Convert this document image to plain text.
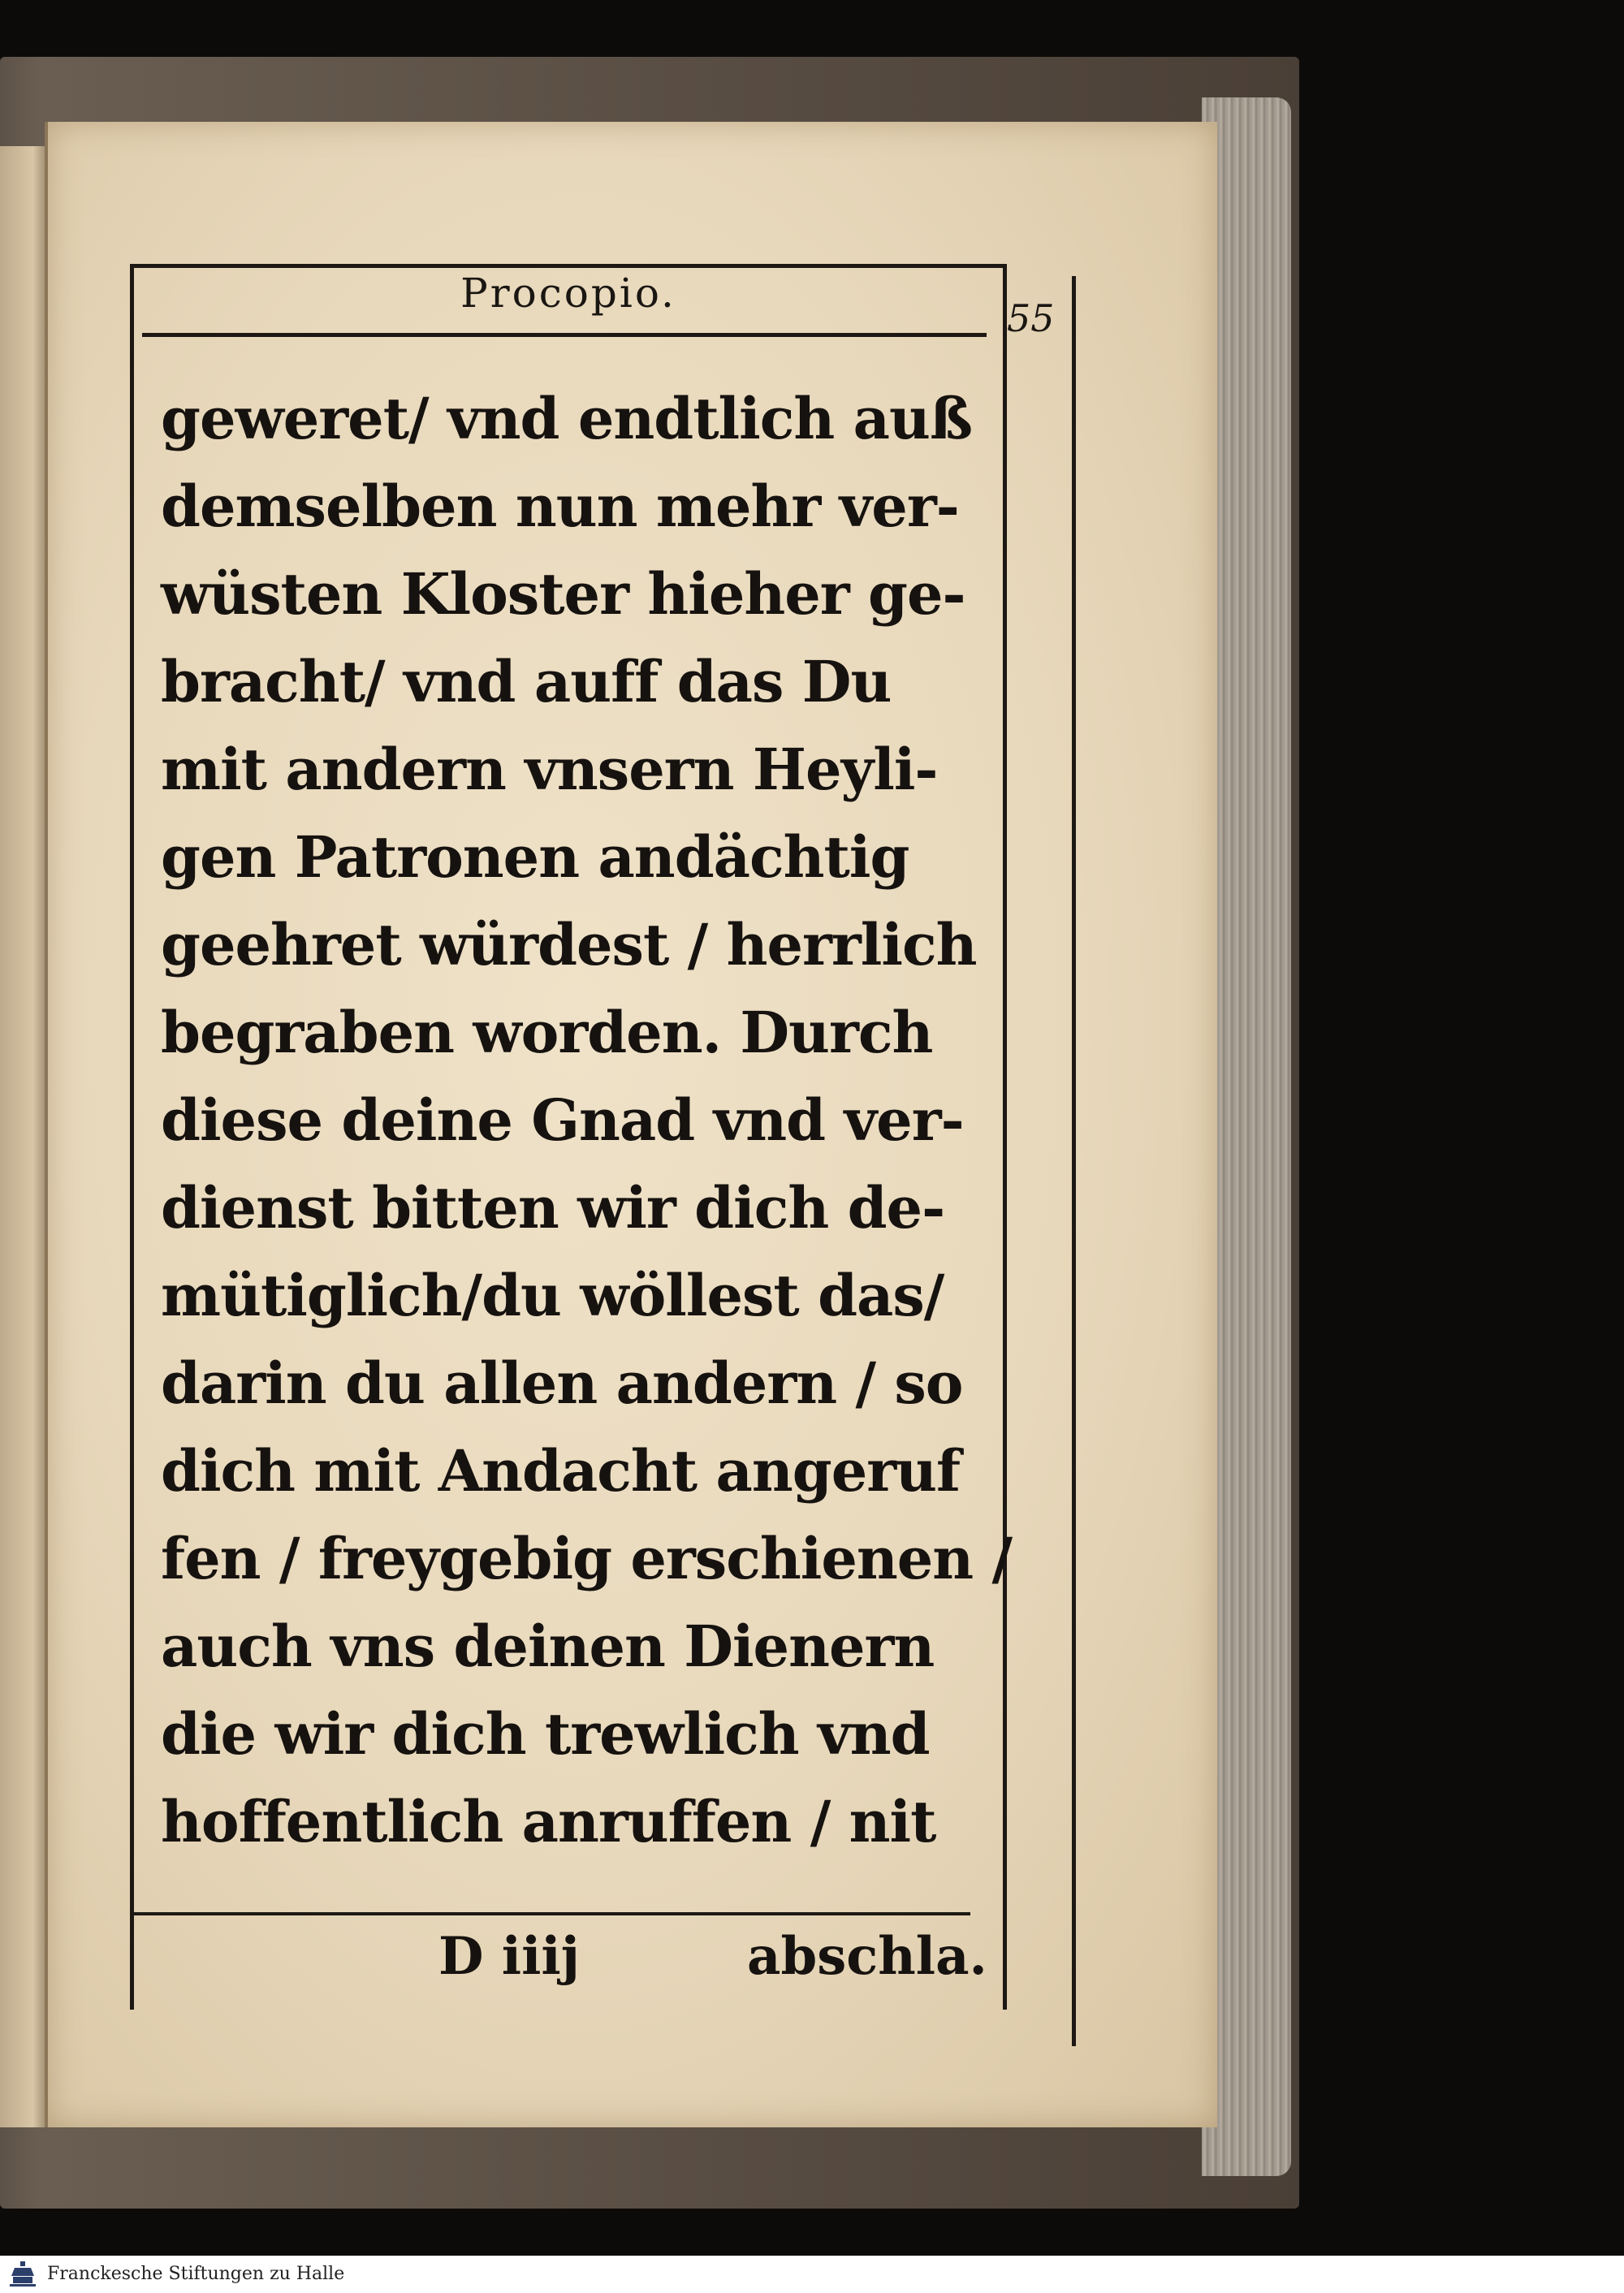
Procopio.
55
geweret/ vnd endtlich auß
demselben nun mehr ver-
wüsten Kloster hieher ge-
bracht/ vnd auff das Du
mit andern vnsern Heyli-
gen Patronen andächtig
geehret würdest / herrlich
begraben worden. Durch
diese deine Gnad vnd ver-
dienst bitten wir dich de-
mütiglich/du wöllest das/
darin du allen andern / so
dich mit Andacht angeruf
fen / freygebig erschienen /
auch vns deinen Dienern
die wir dich trewlich vnd
hoffentlich anruffen / nit
D iiij	abschla.
Franckesche Stiftungen zu Halle
